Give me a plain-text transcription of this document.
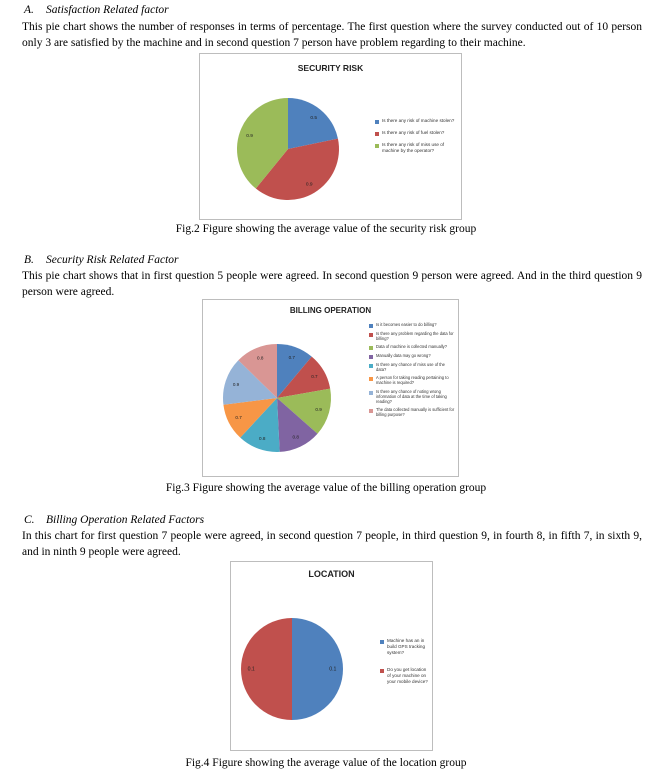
A. Satisfaction Related factor
This pie chart shows the number of responses in terms of percentage. The first question where the survey conducted out of 10 person only 3 are satisfied by the machine and in second question 7 person have problem regarding to their machine.
SECURITY RISK
0.5
0.9
0.9
Is there any risk of machine stolen?
Is there any risk of fuel stolen?
Is there any risk of miss use of machine by the operator?
Fig.2 Figure showing the average value of the security risk group
B. Security Risk Related Factor
This pie chart shows that in first question 5 people were agreed. In second question 9 person were agreed. And in the third question 9 person were agreed.
BILLING OPERATION
0.7
0.7
0.9
0.8
0.8
0.7
0.9
0.8
Is it becomes easier to do billing?
Is there any problem regarding the data for billing?
Data of machine is collected manually?
Manually data may go wrong?
Is there any chance of miss use of the data?
A person for taking reading pertaining to machine is required?
Is there any chance of noting wrong information of data at the time of taking reading?
The data collected manually is sufficient for billing purpose?
Fig.3 Figure showing the average value of the billing operation group
C. Billing Operation Related Factors
In this chart for first question 7 people were agreed, in second question 7 people, in third question 9, in fourth 8, in fifth 7, in sixth 9, and in ninth 9 people were agreed.
LOCATION
0.1
0.1
Machine has an in build GPS tracking system?
Do you get location of your machine on your mobile device?
Fig.4 Figure showing the average value of the location group
